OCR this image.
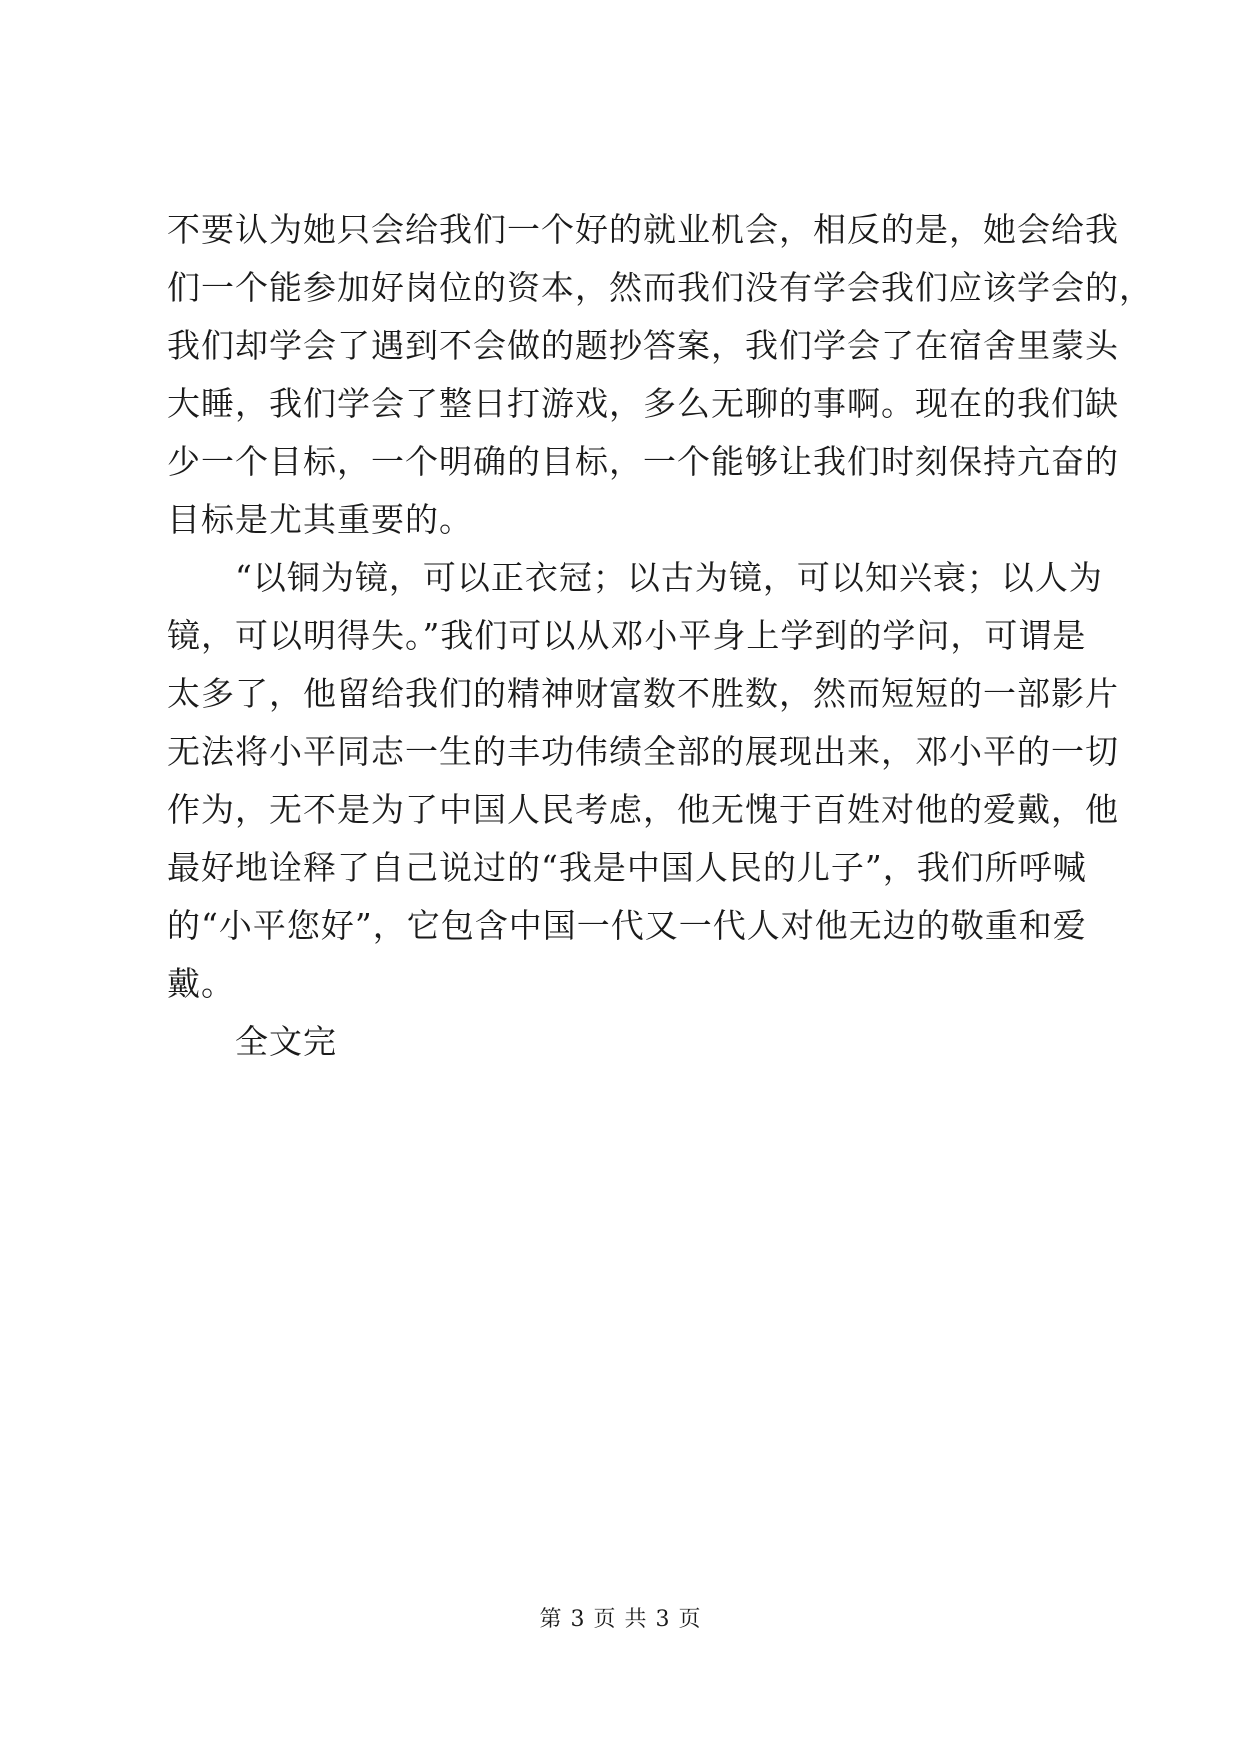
不要认为她只会给我们一个好的就业机会，相反的是，她会给我
们一个能参加好岗位的资本，然而我们没有学会我们应该学会的，
我们却学会了遇到不会做的题抄答案，我们学会了在宿舍里蒙头
大睡，我们学会了整日打游戏，多么无聊的事啊。现在的我们缺
少一个目标，一个明确的目标，一个能够让我们时刻保持亢奋的
目标是尤其重要的。
“以铜为镜，可以正衣冠；以古为镜，可以知兴衰；以人为
镜，可以明得失。”我们可以从邓小平身上学到的学问，可谓是
太多了，他留给我们的精神财富数不胜数，然而短短的一部影片
无法将小平同志一生的丰功伟绩全部的展现出来，邓小平的一切
作为，无不是为了中国人民考虑，他无愧于百姓对他的爱戴，他
最好地诠释了自己说过的“我是中国人民的儿子”，我们所呼喊
的“小平您好”，它包含中国一代又一代人对他无边的敬重和爱
戴。
全文完
第 3 页 共 3 页
